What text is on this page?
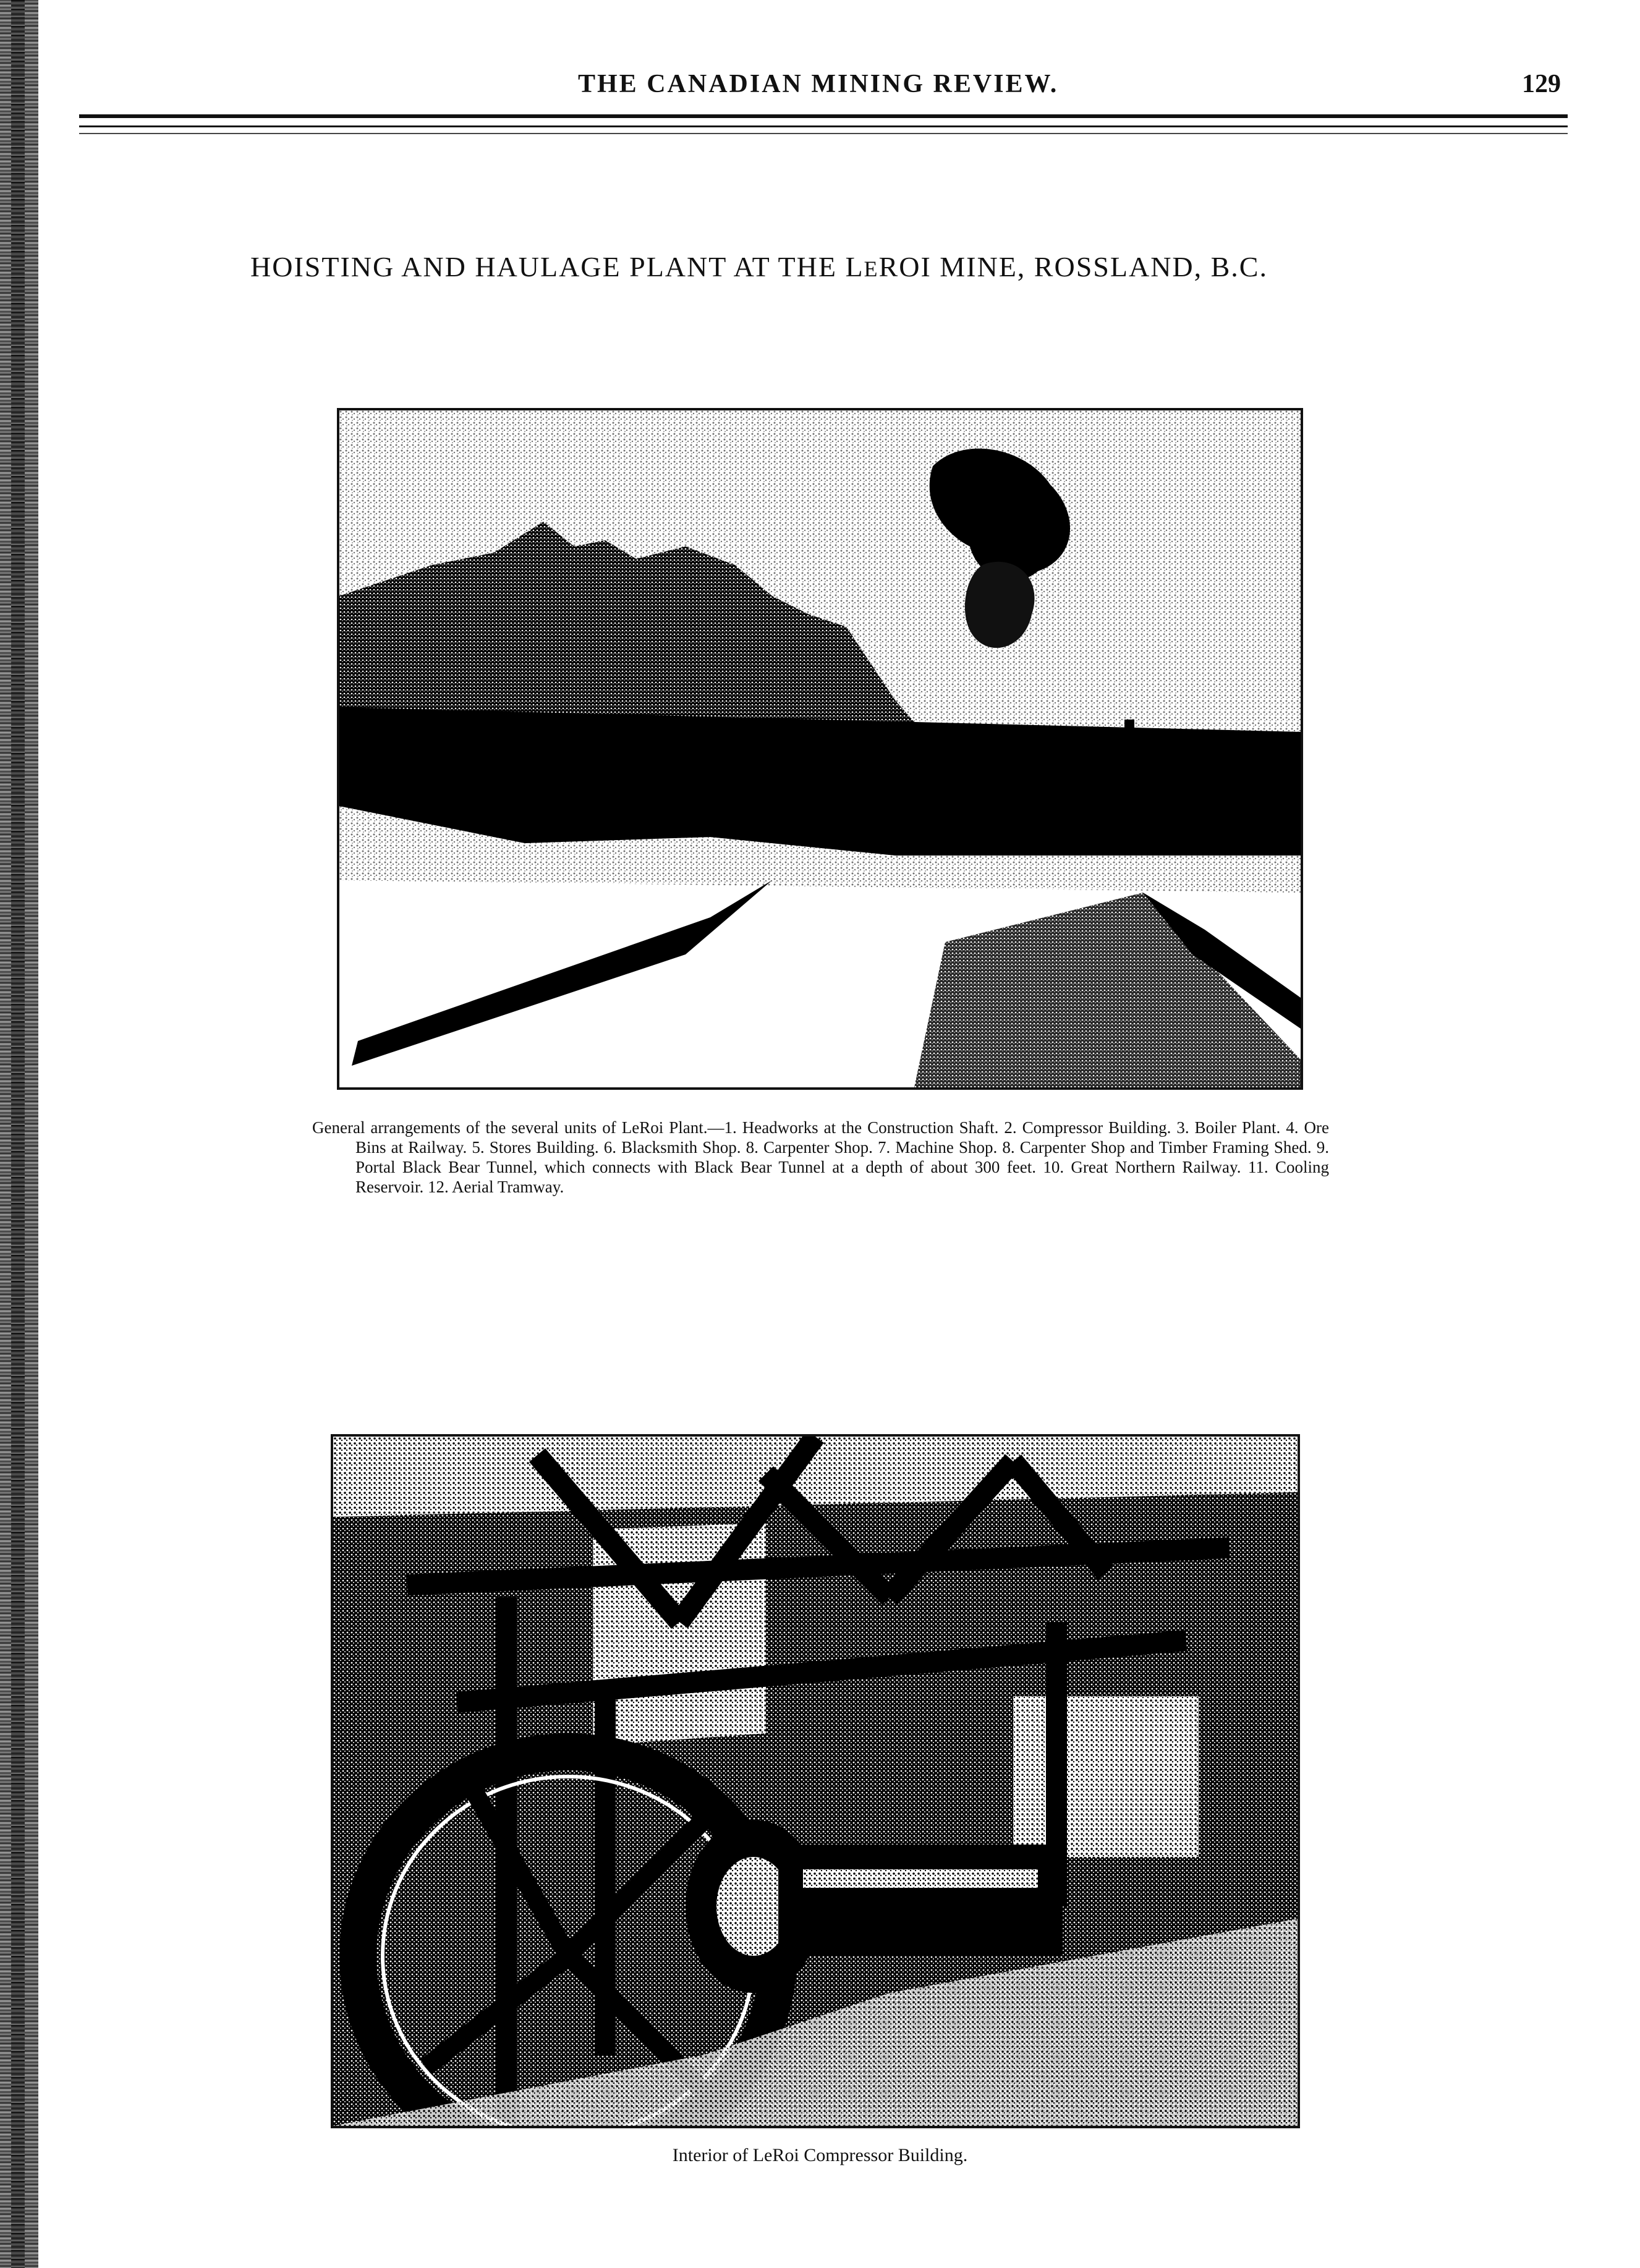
THE CANADIAN MINING REVIEW.	129
HOISTING AND HAULAGE PLANT AT THE LEROI MINE, ROSSLAND, B.C.

General arrangements of the several units of LeRoi Plant.—1. Headworks at the Construction Shaft. 2. Compressor Building. 3. Boiler Plant. 4. Ore Bins at Railway. 5. Stores Building. 6. Blacksmith Shop. 8. Carpenter Shop. 7. Machine Shop. 8. Carpenter Shop and Timber Framing Shed. 9. Portal Black Bear Tunnel, which connects with Black Bear Tunnel at a depth of about 300 feet. 10. Great Northern Railway. 11. Cooling Reservoir. 12. Aerial Tramway.

Interior of LeRoi Compressor Building.
